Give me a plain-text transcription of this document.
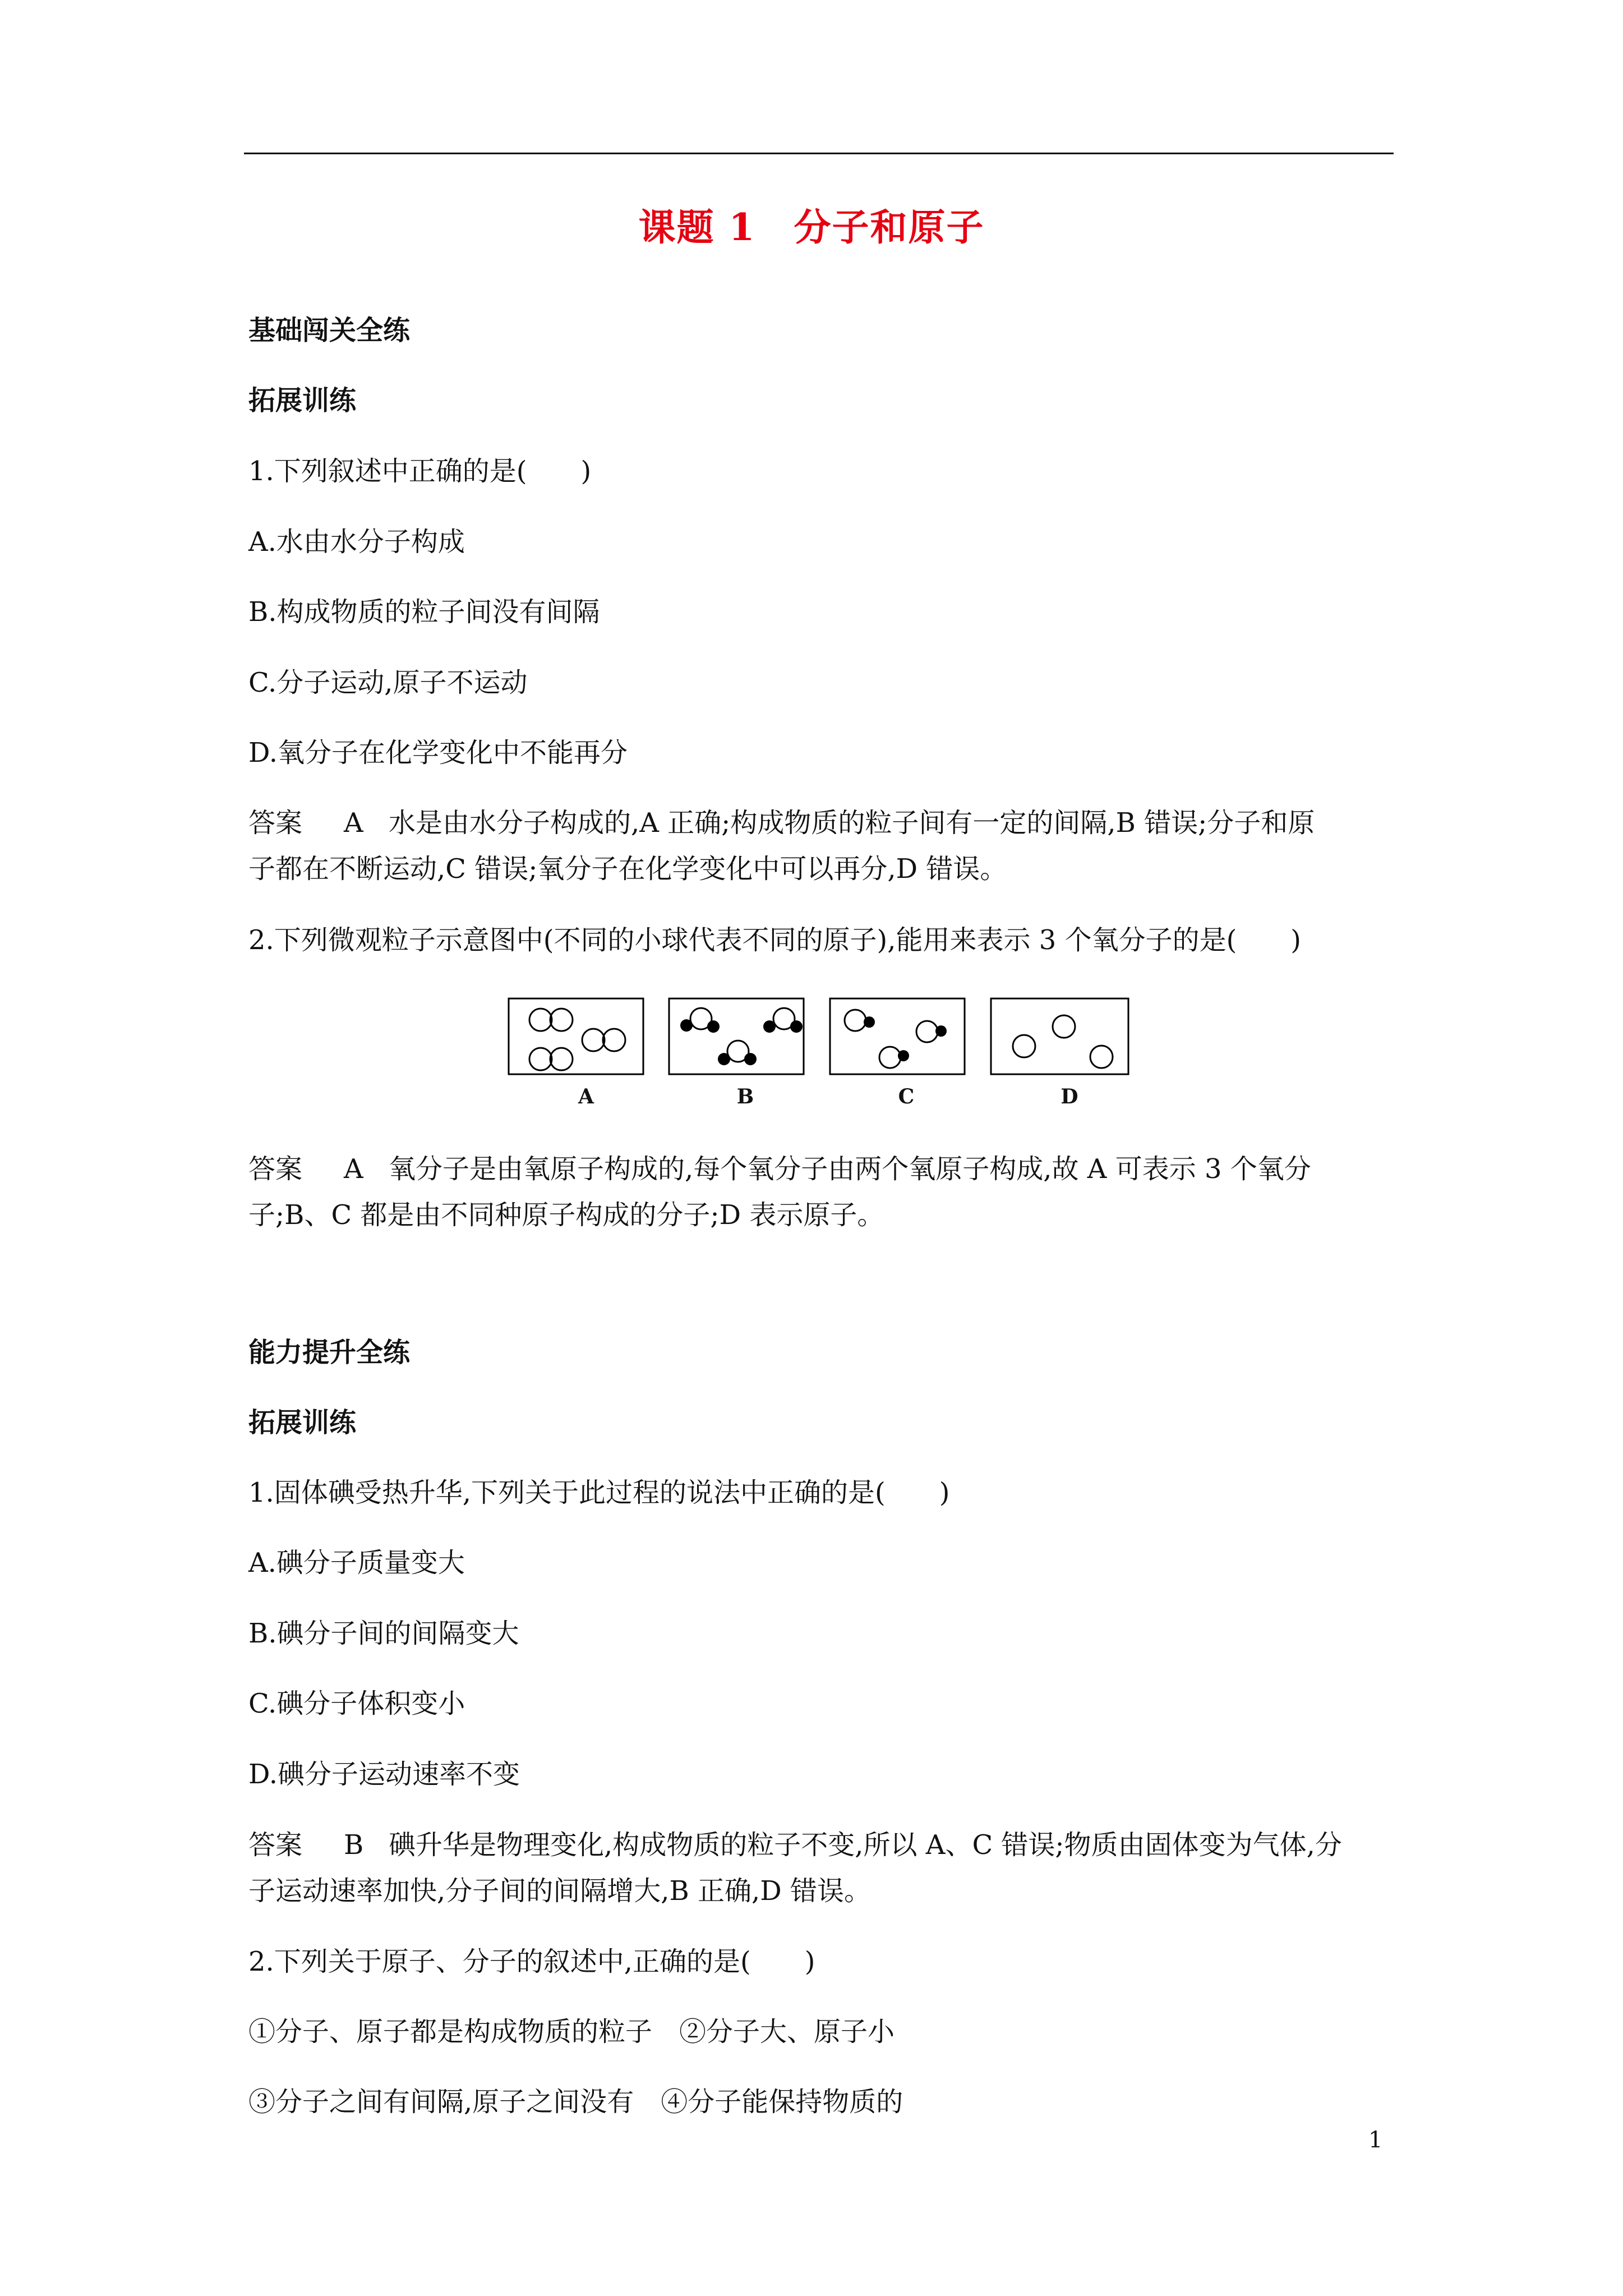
课题 1　分子和原子
基础闯关全练
拓展训练
1.下列叙述中正确的是(　　)
A.水由水分子构成
B.构成物质的粒子间没有间隔
C.分子运动,原子不运动
D.氧分子在化学变化中不能再分
答案 A 水是由水分子构成的,A 正确;构成物质的粒子间有一定的间隔,B 错误;分子和原
子都在不断运动,C 错误;氧分子在化学变化中可以再分,D 错误。
2.下列微观粒子示意图中(不同的小球代表不同的原子),能用来表示 3 个氧分子的是(　　)
A	B	C	D
答案 A 氧分子是由氧原子构成的,每个氧分子由两个氧原子构成,故 A 可表示 3 个氧分
子;B、C 都是由不同种原子构成的分子;D 表示原子。
能力提升全练
拓展训练
1.固体碘受热升华,下列关于此过程的说法中正确的是(　　)
A.碘分子质量变大
B.碘分子间的间隔变大
C.碘分子体积变小
D.碘分子运动速率不变
答案 B 碘升华是物理变化,构成物质的粒子不变,所以 A、C 错误;物质由固体变为气体,分
子运动速率加快,分子间的间隔增大,B 正确,D 错误。
2.下列关于原子、分子的叙述中,正确的是(　　)
①分子、原子都是构成物质的粒子　②分子大、原子小
③分子之间有间隔,原子之间没有　④分子能保持物质的
1
